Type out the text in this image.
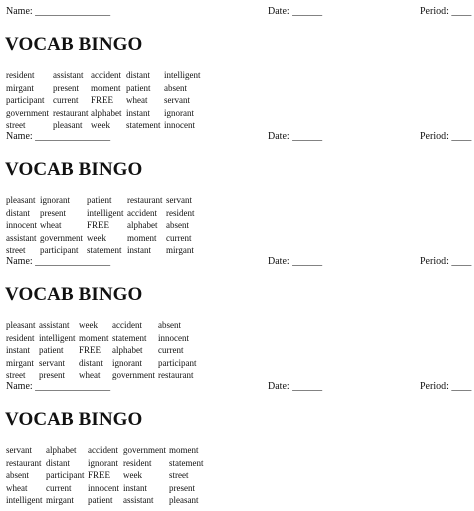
Name: _______________	Date: ______	Period: ____
VOCAB BINGO
resident assistant accident distant intelligent
mirgant present moment patient absent
participant current FREE wheat servant
government restaurant alphabet instant ignorant
street	pleasant week statement innocent
Name: _______________	Date: ______	Period: ____
VOCAB BINGO
pleasant ignorant patient restaurant servant
distant present intelligent accident resident
innocent wheat	FREE alphabet absent
assistant government week moment current
street participant statement instant mirgant
Name: _______________	Date: ______	Period: ____
VOCAB BINGO
pleasant assistant week accident absent
resident intelligent moment statement innocent
instant patient FREE alphabet current
mirgant servant distant ignorant participant
street present wheat government restaurant
Name: _______________	Date: ______	Period: ____
VOCAB BINGO
servant alphabet accident government moment
restaurant distant ignorant resident statement
absent participant FREE week	street
wheat current innocent instant present
intelligent mirgant patient assistant pleasant
